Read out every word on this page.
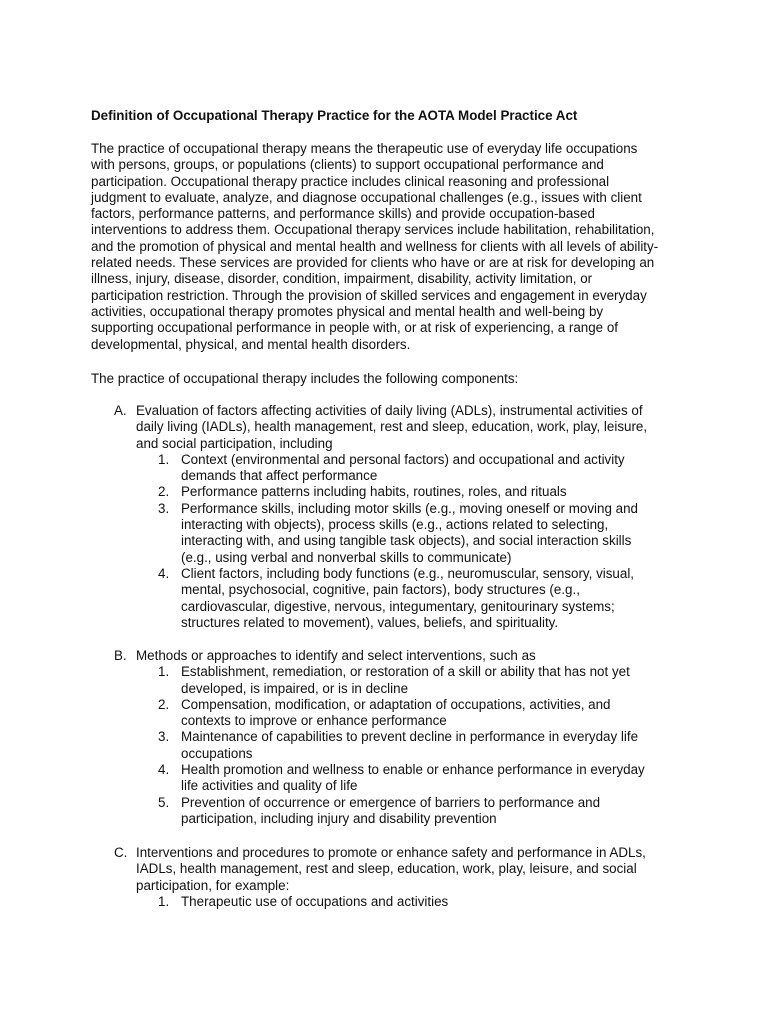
Definition of Occupational Therapy Practice for the AOTA Model Practice Act
The practice of occupational therapy means the therapeutic use of everyday life occupations
with persons, groups, or populations (clients) to support occupational performance and
participation. Occupational therapy practice includes clinical reasoning and professional
judgment to evaluate, analyze, and diagnose occupational challenges (e.g., issues with client
factors, performance patterns, and performance skills) and provide occupation-based
interventions to address them. Occupational therapy services include habilitation, rehabilitation,
and the promotion of physical and mental health and wellness for clients with all levels of ability-
related needs. These services are provided for clients who have or are at risk for developing an
illness, injury, disease, disorder, condition, impairment, disability, activity limitation, or
participation restriction. Through the provision of skilled services and engagement in everyday
activities, occupational therapy promotes physical and mental health and well-being by
supporting occupational performance in people with, or at risk of experiencing, a range of
developmental, physical, and mental health disorders.
The practice of occupational therapy includes the following components:
A. Evaluation of factors affecting activities of daily living (ADLs), instrumental activities of
daily living (IADLs), health management, rest and sleep, education, work, play, leisure,
and social participation, including
1. Context (environmental and personal factors) and occupational and activity
demands that affect performance
2. Performance patterns including habits, routines, roles, and rituals
3. Performance skills, including motor skills (e.g., moving oneself or moving and
interacting with objects), process skills (e.g., actions related to selecting,
interacting with, and using tangible task objects), and social interaction skills
(e.g., using verbal and nonverbal skills to communicate)
4. Client factors, including body functions (e.g., neuromuscular, sensory, visual,
mental, psychosocial, cognitive, pain factors), body structures (e.g.,
cardiovascular, digestive, nervous, integumentary, genitourinary systems;
structures related to movement), values, beliefs, and spirituality.
B. Methods or approaches to identify and select interventions, such as
1. Establishment, remediation, or restoration of a skill or ability that has not yet
developed, is impaired, or is in decline
2. Compensation, modification, or adaptation of occupations, activities, and
contexts to improve or enhance performance
3. Maintenance of capabilities to prevent decline in performance in everyday life
occupations
4. Health promotion and wellness to enable or enhance performance in everyday
life activities and quality of life
5. Prevention of occurrence or emergence of barriers to performance and
participation, including injury and disability prevention
C. Interventions and procedures to promote or enhance safety and performance in ADLs,
IADLs, health management, rest and sleep, education, work, play, leisure, and social
participation, for example:
1. Therapeutic use of occupations and activities
